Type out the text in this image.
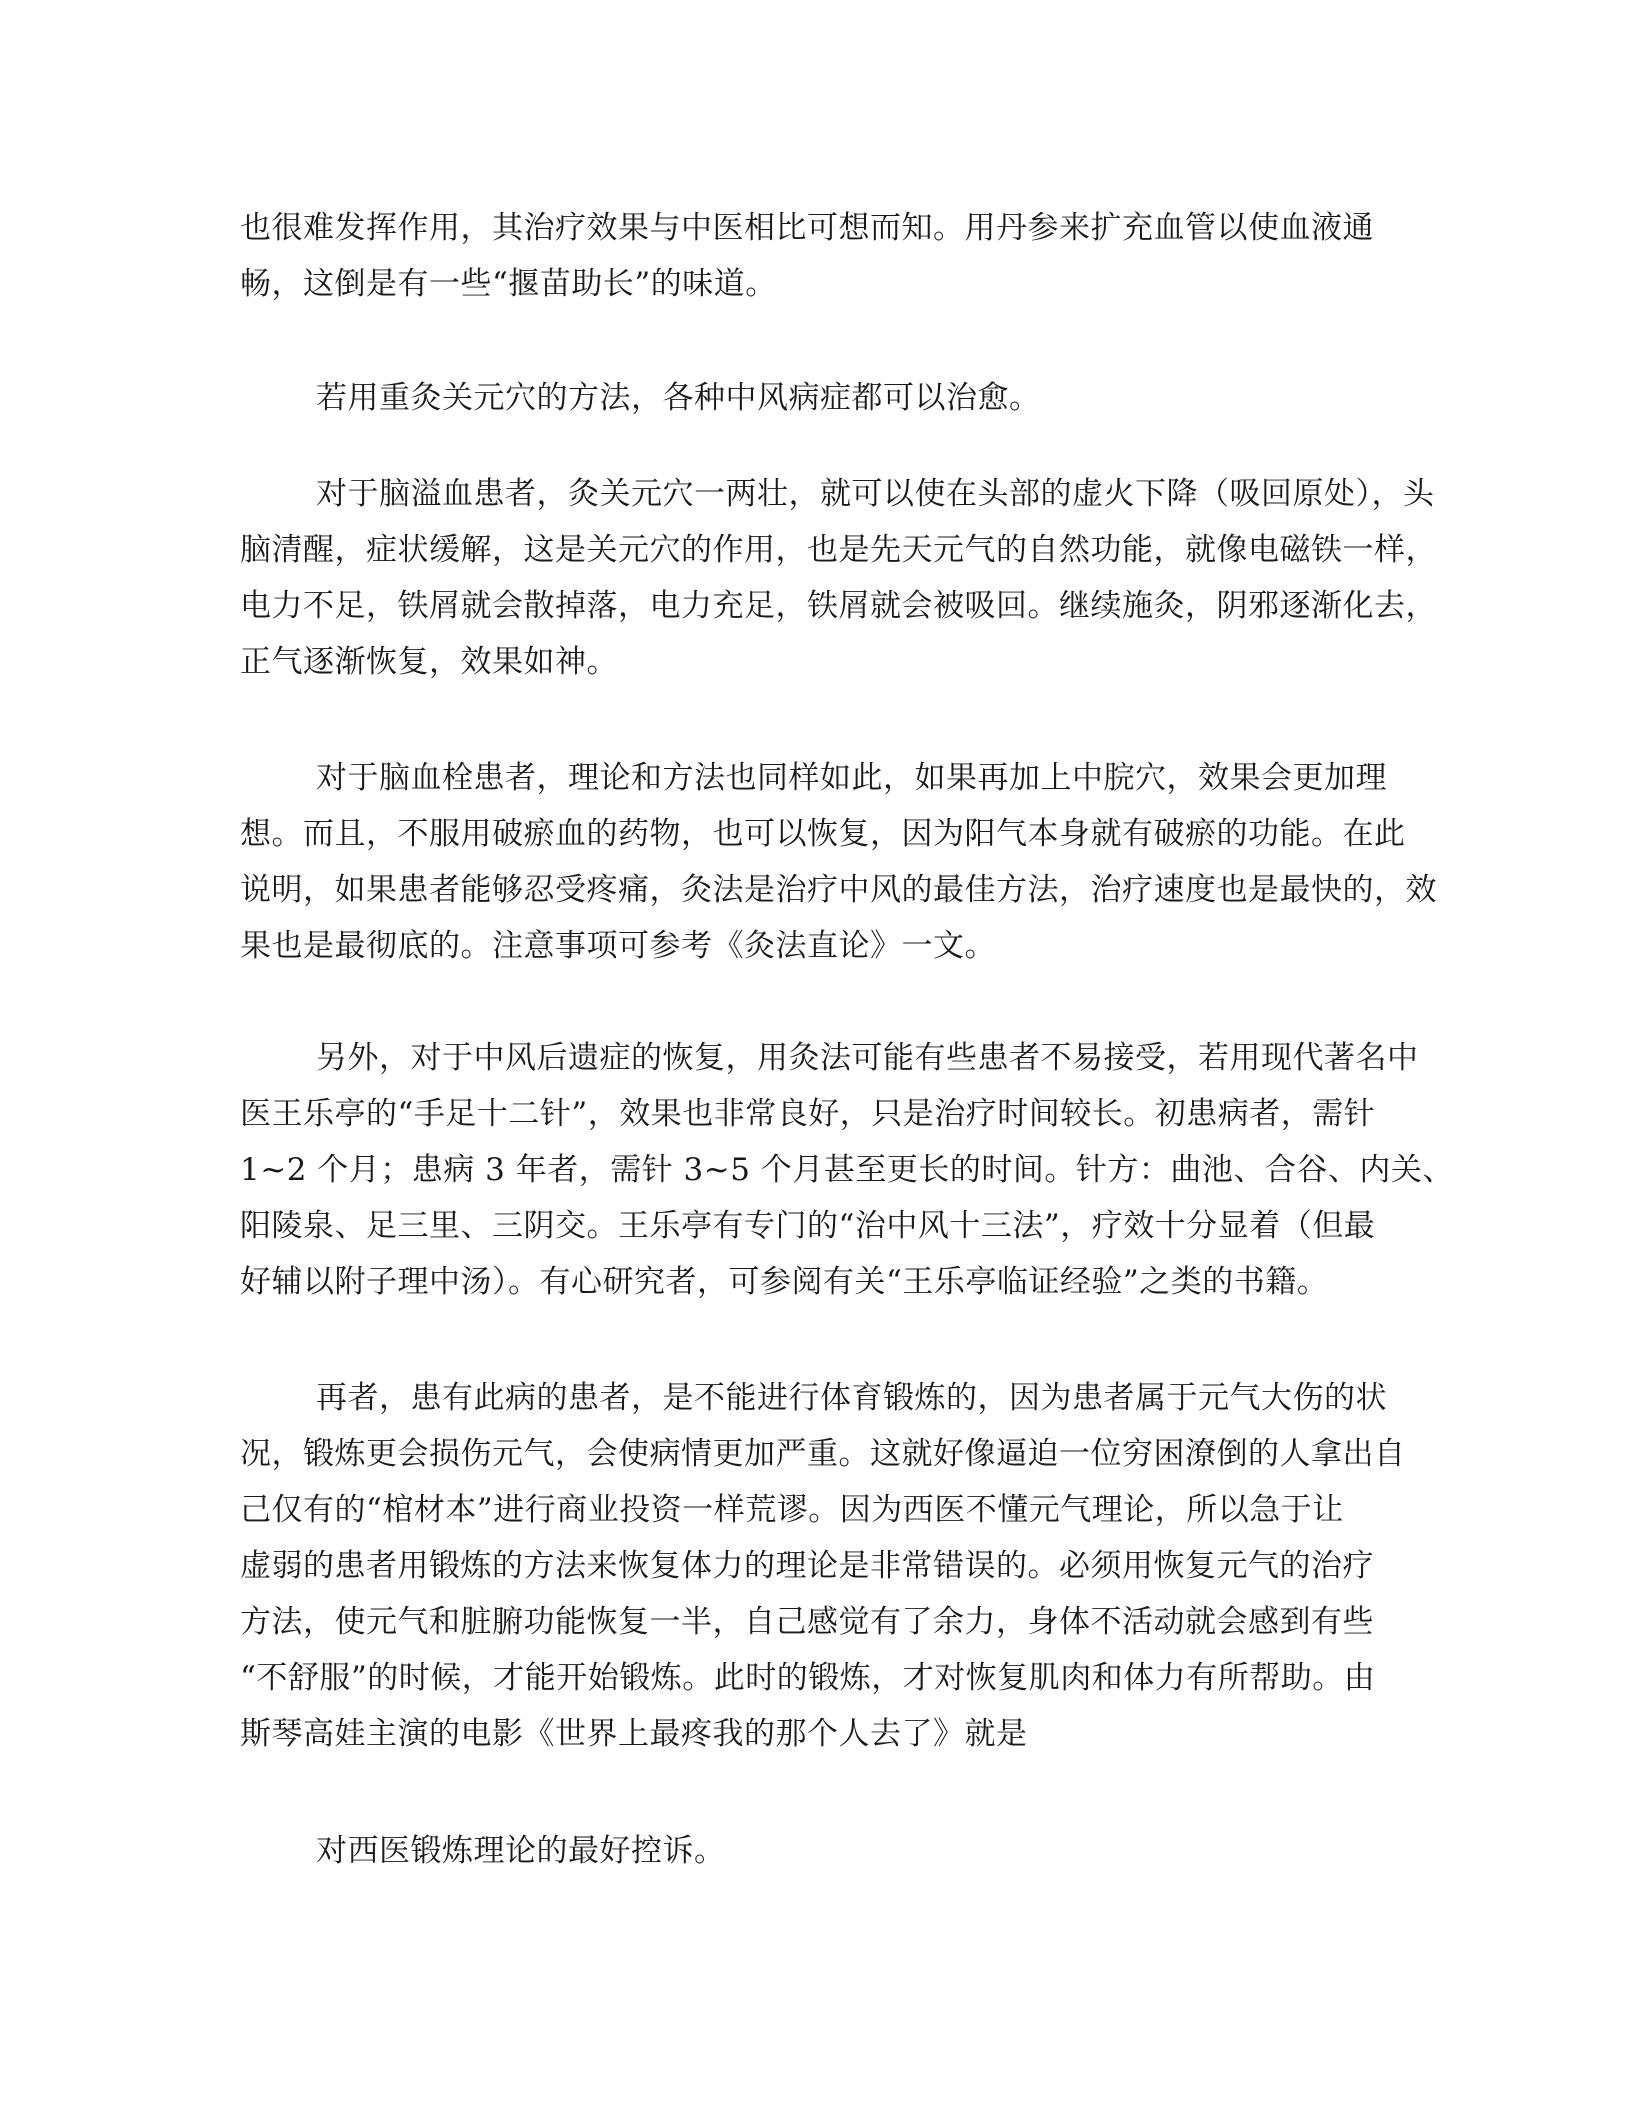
也很难发挥作用，其治疗效果与中医相比可想而知。用丹参来扩充血管以使血液通
畅，这倒是有一些“揠苗助长”的味道。
若用重灸关元穴的方法，各种中风病症都可以治愈。
对于脑溢血患者，灸关元穴一两壮，就可以使在头部的虚火下降（吸回原处），头
脑清醒，症状缓解，这是关元穴的作用，也是先天元气的自然功能，就像电磁铁一样，
电力不足，铁屑就会散掉落，电力充足，铁屑就会被吸回。继续施灸，阴邪逐渐化去，
正气逐渐恢复，效果如神。
对于脑血栓患者，理论和方法也同样如此，如果再加上中脘穴，效果会更加理
想。而且，不服用破瘀血的药物，也可以恢复，因为阳气本身就有破瘀的功能。在此
说明，如果患者能够忍受疼痛，灸法是治疗中风的最佳方法，治疗速度也是最快的，效
果也是最彻底的。注意事项可参考《灸法直论》一文。
另外，对于中风后遗症的恢复，用灸法可能有些患者不易接受，若用现代著名中
医王乐亭的“手足十二针”，效果也非常良好，只是治疗时间较长。初患病者，需针
1~2 个月；患病 3 年者，需针 3~5 个月甚至更长的时间。针方：曲池、合谷、内关、
阳陵泉、足三里、三阴交。王乐亭有专门的“治中风十三法”，疗效十分显着（但最
好辅以附子理中汤）。有心研究者，可参阅有关“王乐亭临证经验”之类的书籍。
再者，患有此病的患者，是不能进行体育锻炼的，因为患者属于元气大伤的状
况，锻炼更会损伤元气，会使病情更加严重。这就好像逼迫一位穷困潦倒的人拿出自
己仅有的“棺材本”进行商业投资一样荒谬。因为西医不懂元气理论，所以急于让
虚弱的患者用锻炼的方法来恢复体力的理论是非常错误的。必须用恢复元气的治疗
方法，使元气和脏腑功能恢复一半，自己感觉有了余力，身体不活动就会感到有些
“不舒服”的时候，才能开始锻炼。此时的锻炼，才对恢复肌肉和体力有所帮助。由
斯琴高娃主演的电影《世界上最疼我的那个人去了》就是
对西医锻炼理论的最好控诉。
